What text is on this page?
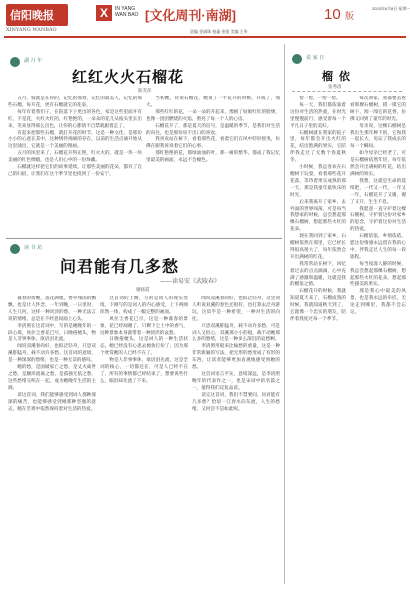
信阳晚报
XINYANG WANBAO
X	IN YANG
WAN BAO [文化周刊·南湖]	10 版
2023年6月8日 星期一
责编 金斌珠 校審 金嘉 美编 王华
湖 月 年
红红火火石榴花
陈芙萍

五月，骑就是在你的，记忆的那刻，记忆的最美人，记忆的那些石榴，每开花，更有石榴就它的花姿。

每年有着我们子，在院落下子更出的各色，家是这些里面开有红，不是花，火红火红的，红艳艳的，一朵朵的花儿从枝头里长出来，笑来显得那么出色，让你的心都情不自禁就跟着走了。

有起来把那些石榴，就打开花的时节，这是一种文化，是那份小小的心意在其中，这种情怀绵绵的存在，以前的生活点滴开始从这里涌出，它就是一个美丽的图画。

五月的风里来了，石榴花开得正艳，红火火的，就是一块一块美丽的红色绸缎，也是人们心中的一份珍藏。

石榴就这样把它们的故事延续，让那些美丽的花朵，都有了自己的归宿，让我们在这个季节里也找到了一份安宁。

当初她，你说石榴花，她说了一半花开的时候，开成了，加大。

那些红红的花，一朵一朵的开起来，像极了姑娘红红的脸颊，也像一团团燃烧的火焰，照亮了每一个人的心房。

石榴花开了，那是夏天的信号，是温暖的季节，是我们对生活的向往，也是那份说不出口的喜欢。

我喜欢站在树下，看着那些花，看着它们在风中轻轻摇曳，仿佛在跟我诉说着它们的心事。

那红艳艳的花，那绿油油的叶，那一树的繁华，都成了我记忆里最美的画面，永远不会褪色。

读 书 坊
问君能有几多愁
——读易安《武陵春》
谢晓霞

暮春的傍晚，落花满地，香外残雨的飘飘，也是让人怀念，一年到晚，一日里时，人生几何，这样一种淡淡的愁，一种无法言说的情绪，总是在不经意间涌上心头。

李清照在这首词中，写的是她晚年的一段心境，风住尘香花已尽，日晚倦梳头，物是人非事事休，欲语泪先流。

闻说双溪春尚好，也拟泛轻舟，只恐双溪舴艋舟，载不动许多愁。这首词的意境，是一种深深的愁绪，也是一种无奈的感叹。

她的愁，是国破家亡之愁，是丈夫离世之愁，是颠沛流离之愁，是孤独无依之愁，这些愁绪交织在一起，成为她晚年生活的主调。

读这首词，我们能够感受到词人那种深深的痛苦，也能够感受到她那种坚强的意志，她在苦难中依然保持着对生活的热爱。

这首词的上阕，写的是词人的现实处境，下阕写的是词人的内心感受，上下两阕浑然一体，构成了一幅完整的画面。

风住尘香花已尽，这是一种暮春的景象，花已经凋谢了，只剩下尘土中的香气，这种景象本身就带着一种淡淡的哀愁。

日晚倦梳头，这是词人的一种生活状态，她已经没有心思去梳妆打扮了，因为那个欣赏她的人已经不在了。

物是人非事事休，欲语泪先流，这是全词的核心，一切都还在，可是人已经不在了，所有的事情都已经结束了，想要说些什么，眼泪却先流了下来。

闻说双溪春尚好，也拟泛轻舟，这里词人听说双溪的春色还很好，也打算去泛舟游玩，这似乎是一种希望，一种对生活的向往。

只恐双溪舴艋舟，载不动许多愁，可是词人又担心，双溪那小小的船，载不动她那么多的愁绪，这是一种多么深沉的哀愁啊。

李清照用船来比喻愁的重量，这是一种非常新颖的写法，把无形的愁变成了有形的东西，让读者能够更加直观地感受到她的愁。

这首词语言平实，意境深远，是李清照晚年的代表作之一，也是宋词中的名篇之一，值得我们反复品读。

读完这首词，我们不禁要问，问君能有几多愁？恰似一江春水向东流，人生的愁绪，又何尝不是如此呢。

说 家 日
榴 依
张秀清

傍一傍，一傍一傍。

每一天，我们都依靠着这份对生活的热爱，在时光里慢慢前行，感受着每一个平凡日子里的美好。

石榴树就在我家的院子里，每年都会开出火红的花，结出饱满的果实，它陪伴我走过了无数个春夏秋冬。

小时候，我总喜欢在石榴树下玩耍，看着那些花开花落，等待着果实成熟的那一天，那是我童年最快乐的时光。

后来我离开了家乡，去外面的世界闯荡，可是每当我想家的时候，总会想起那棵石榴树，想起那些火红的花朵。

现在我回到了家乡，石榴树依然在那里，它已经长得很高很大了，每年依然会开出满树的红花。

我常常站在树下，回忆着过去的点点滴滴，心中充满了感激和温暖，这就是我的榴依之情。

石榴花开的时候，我就知道夏天来了，石榴成熟的时候，我就知道秋天到了，它就像一个忠实的朋友，陪伴着我度过每一个季节。

每次回家，我都要去看看那棵石榴树，摸一摸它的树干，闻一闻它的花香，仿佛又回到了童年的时光。

母亲说，这棵石榴树是我出生那年种下的，它和我一起长大，见证了我成长的每一个瞬间。

如今母亲已经老了，可是石榴树依然年轻，每年依然会开出满树的红花，结出满树的果实。

我想，这就是生命的延续吧，一代又一代，一年又一年，石榴花开了又谢，谢了又开，生生不息。

我愿意一直守护着这棵石榴树，守护着这份对家乡的思念，守护着这份对生活的热爱。

石榴依依，乡情依依，愿这份情感永远留在我的心中，伴我走过人生的每一段旅程。

每当夜深人静的时候，我总会想起那棵石榴树，想起那些火红的花朵，想起那些甜美的果实。

那是我心中最美的风景，也是我永远的牵挂，无论走到哪里，我都不会忘记。
